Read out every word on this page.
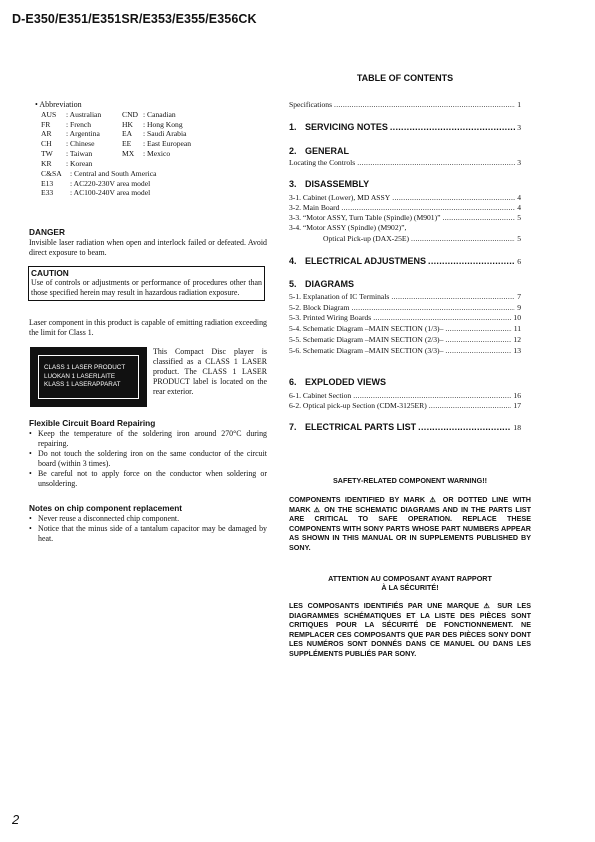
D-E350/E351/E351SR/E353/E355/E356CK
• Abbreviation
AUS : Australian	CND : Canadian
FR : French	HK : Hong Kong
AR : Argentina	EA : Saudi Arabia
CH : Chinese	EE : East European
TW : Taiwan	MX : Mexico
KR : Korean
C&SA : Central and South America
E13 : AC220-230V area model
E33 : AC100-240V area model

DANGER

Invisible laser radiation when open and interlock failed or defeated. Avoid direct exposure to beam.

CAUTION

Use of controls or adjustments or performance of procedures other than those specified herein may result in hazardous radiation exposure.
Laser component in this product is capable of emitting radiation exceeding the limit for Class 1.
CLASS 1 LASER PRODUCT
LUOKAN 1 LASERLAITE
KLASS 1 LASERAPPARAT
This Compact Disc player is classified as a CLASS 1 LASER product. The CLASS 1 LASER PRODUCT label is located on the rear exterior.

Flexible Circuit Board Repairing

• Keep the temperature of the soldering iron around 270°C during repairing.
• Do not touch the soldering iron on the same conductor of the circuit board (within 3 times).
• Be careful not to apply force on the conductor when soldering or unsoldering.

Notes on chip component replacement

• Never reuse a disconnected chip component.
• Notice that the minus side of a tantalum capacitor may be damaged by heat.
TABLE OF CONTENTS
Specifications .....	1
1. SERVICING NOTES .....	3
2. GENERAL
Locating the Controls .....	3
3. DISASSEMBLY
3-1. Cabinet (Lower), MD ASSY .....	4
3-2. Main Board .....	4
3-3. “Motor ASSY, Turn Table (Spindle) (M901)” .....	5
3-4. “Motor ASSY (Spindle) (M902)”,
Optical Pick-up (DAX-25E) .....	5
4. ELECTRICAL ADJUSTMENS .....	6
5. DIAGRAMS
5-1. Explanation of IC Terminals .....	7
5-2. Block Diagram .....	9
5-3. Printed Wiring Boards .....	10
5-4. Schematic Diagram –MAIN SECTION (1/3)– .....	11
5-5. Schematic Diagram –MAIN SECTION (2/3)– .....	12
5-6. Schematic Diagram –MAIN SECTION (3/3)– .....	13
6. EXPLODED VIEWS
6-1. Cabinet Section .....	16
6-2. Optical pick-up Section (CDM-3125ER) .....	17
7. ELECTRICAL PARTS LIST .....	18
SAFETY-RELATED COMPONENT WARNING!!
COMPONENTS IDENTIFIED BY MARK ⚠ OR DOTTED LINE WITH MARK ⚠ ON THE SCHEMATIC DIAGRAMS AND IN THE PARTS LIST ARE CRITICAL TO SAFE OPERATION. REPLACE THESE COMPONENTS WITH SONY PARTS WHOSE PART NUMBERS APPEAR AS SHOWN IN THIS MANUAL OR IN SUPPLEMENTS PUBLISHED BY SONY.
ATTENTION AU COMPOSANT AYANT RAPPORT
À LA SÉCURITÉ!
LES COMPOSANTS IDENTIFIÉS PAR UNE MARQUE ⚠ SUR LES DIAGRAMMES SCHÉMATIQUES ET LA LISTE DES PIÈCES SONT CRITIQUES POUR LA SÉCURITÉ DE FONCTIONNEMENT. NE REMPLACER CES COMPOSANTS QUE PAR DES PIÈCES SONY DONT LES NUMÉROS SONT DONNÉS DANS CE MANUEL OU DANS LES SUPPLÉMENTS PUBLIÉS PAR SONY.
2
